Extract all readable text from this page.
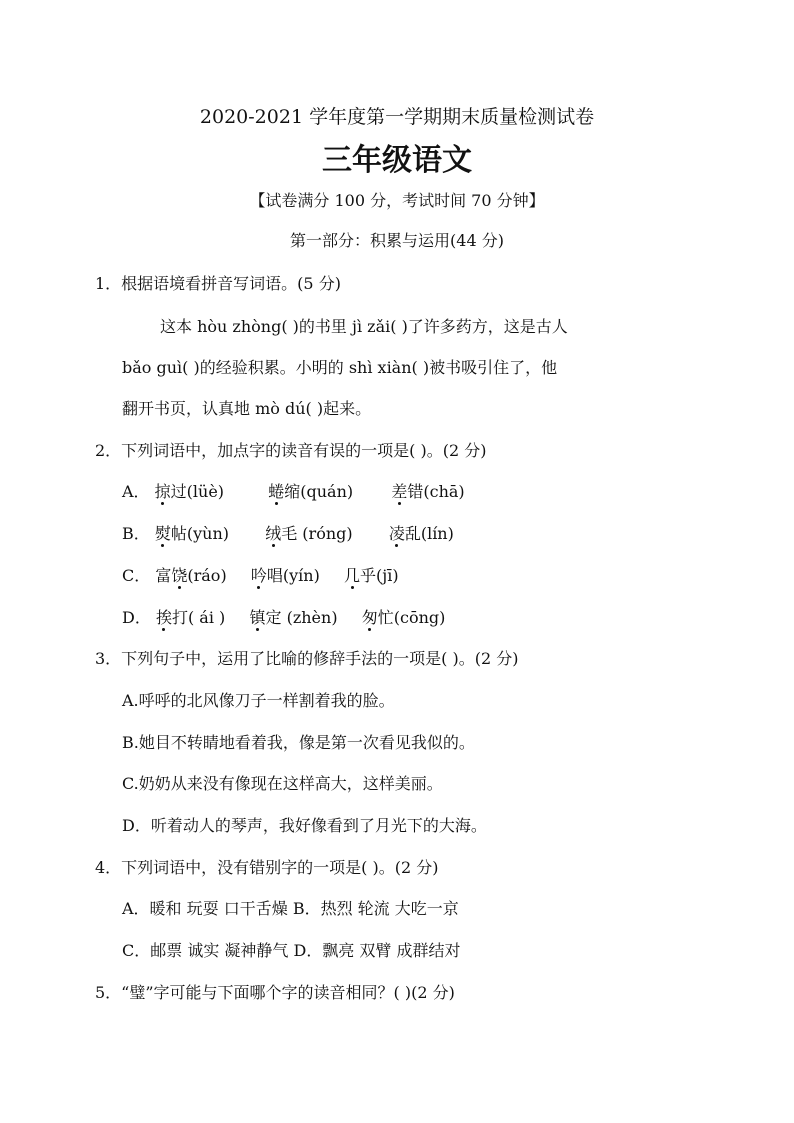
2020-2021 学年度第一学期期末质量检测试卷
三年级语文
【试卷满分 100 分，考试时间 70 分钟】
第一部分：积累与运用(44 分)
1．根据语境看拼音写词语。(5 分)
这本 hòu zhòng( )的书里 jì zǎi( )了许多药方，这是古人
bǎo guì( )的经验积累。小明的 shì xiàn( )被书吸引住了，他
翻开书页，认真地 mò dú( )起来。
2．下列词语中，加点字的读音有误的一项是( )。(2 分)
A． 掠过(lüè)	蜷缩(quán) 差错(chā)
B． 熨帖(yùn) 绒毛 (róng) 凌乱(lín)
C． 富饶(ráo) 吟唱(yín) 几乎(jī)
D． 挨打( ái ) 镇定 (zhèn) 匆忙(cōng)
3．下列句子中，运用了比喻的修辞手法的一项是( )。(2 分)
A.呼呼的北风像刀子一样割着我的脸。
B.她目不转睛地看着我，像是第一次看见我似的。
C.奶奶从来没有像现在这样高大，这样美丽。
D．听着动人的琴声，我好像看到了月光下的大海。
4．下列词语中，没有错别字的一项是( )。(2 分)
A．暖和 玩耍 口干舌燥 B．热烈 轮流 大吃一京
C．邮票 诚实 凝神静气 D．飘亮 双臂 成群结对
5．“璧”字可能与下面哪个字的读音相同？( )(2 分)
